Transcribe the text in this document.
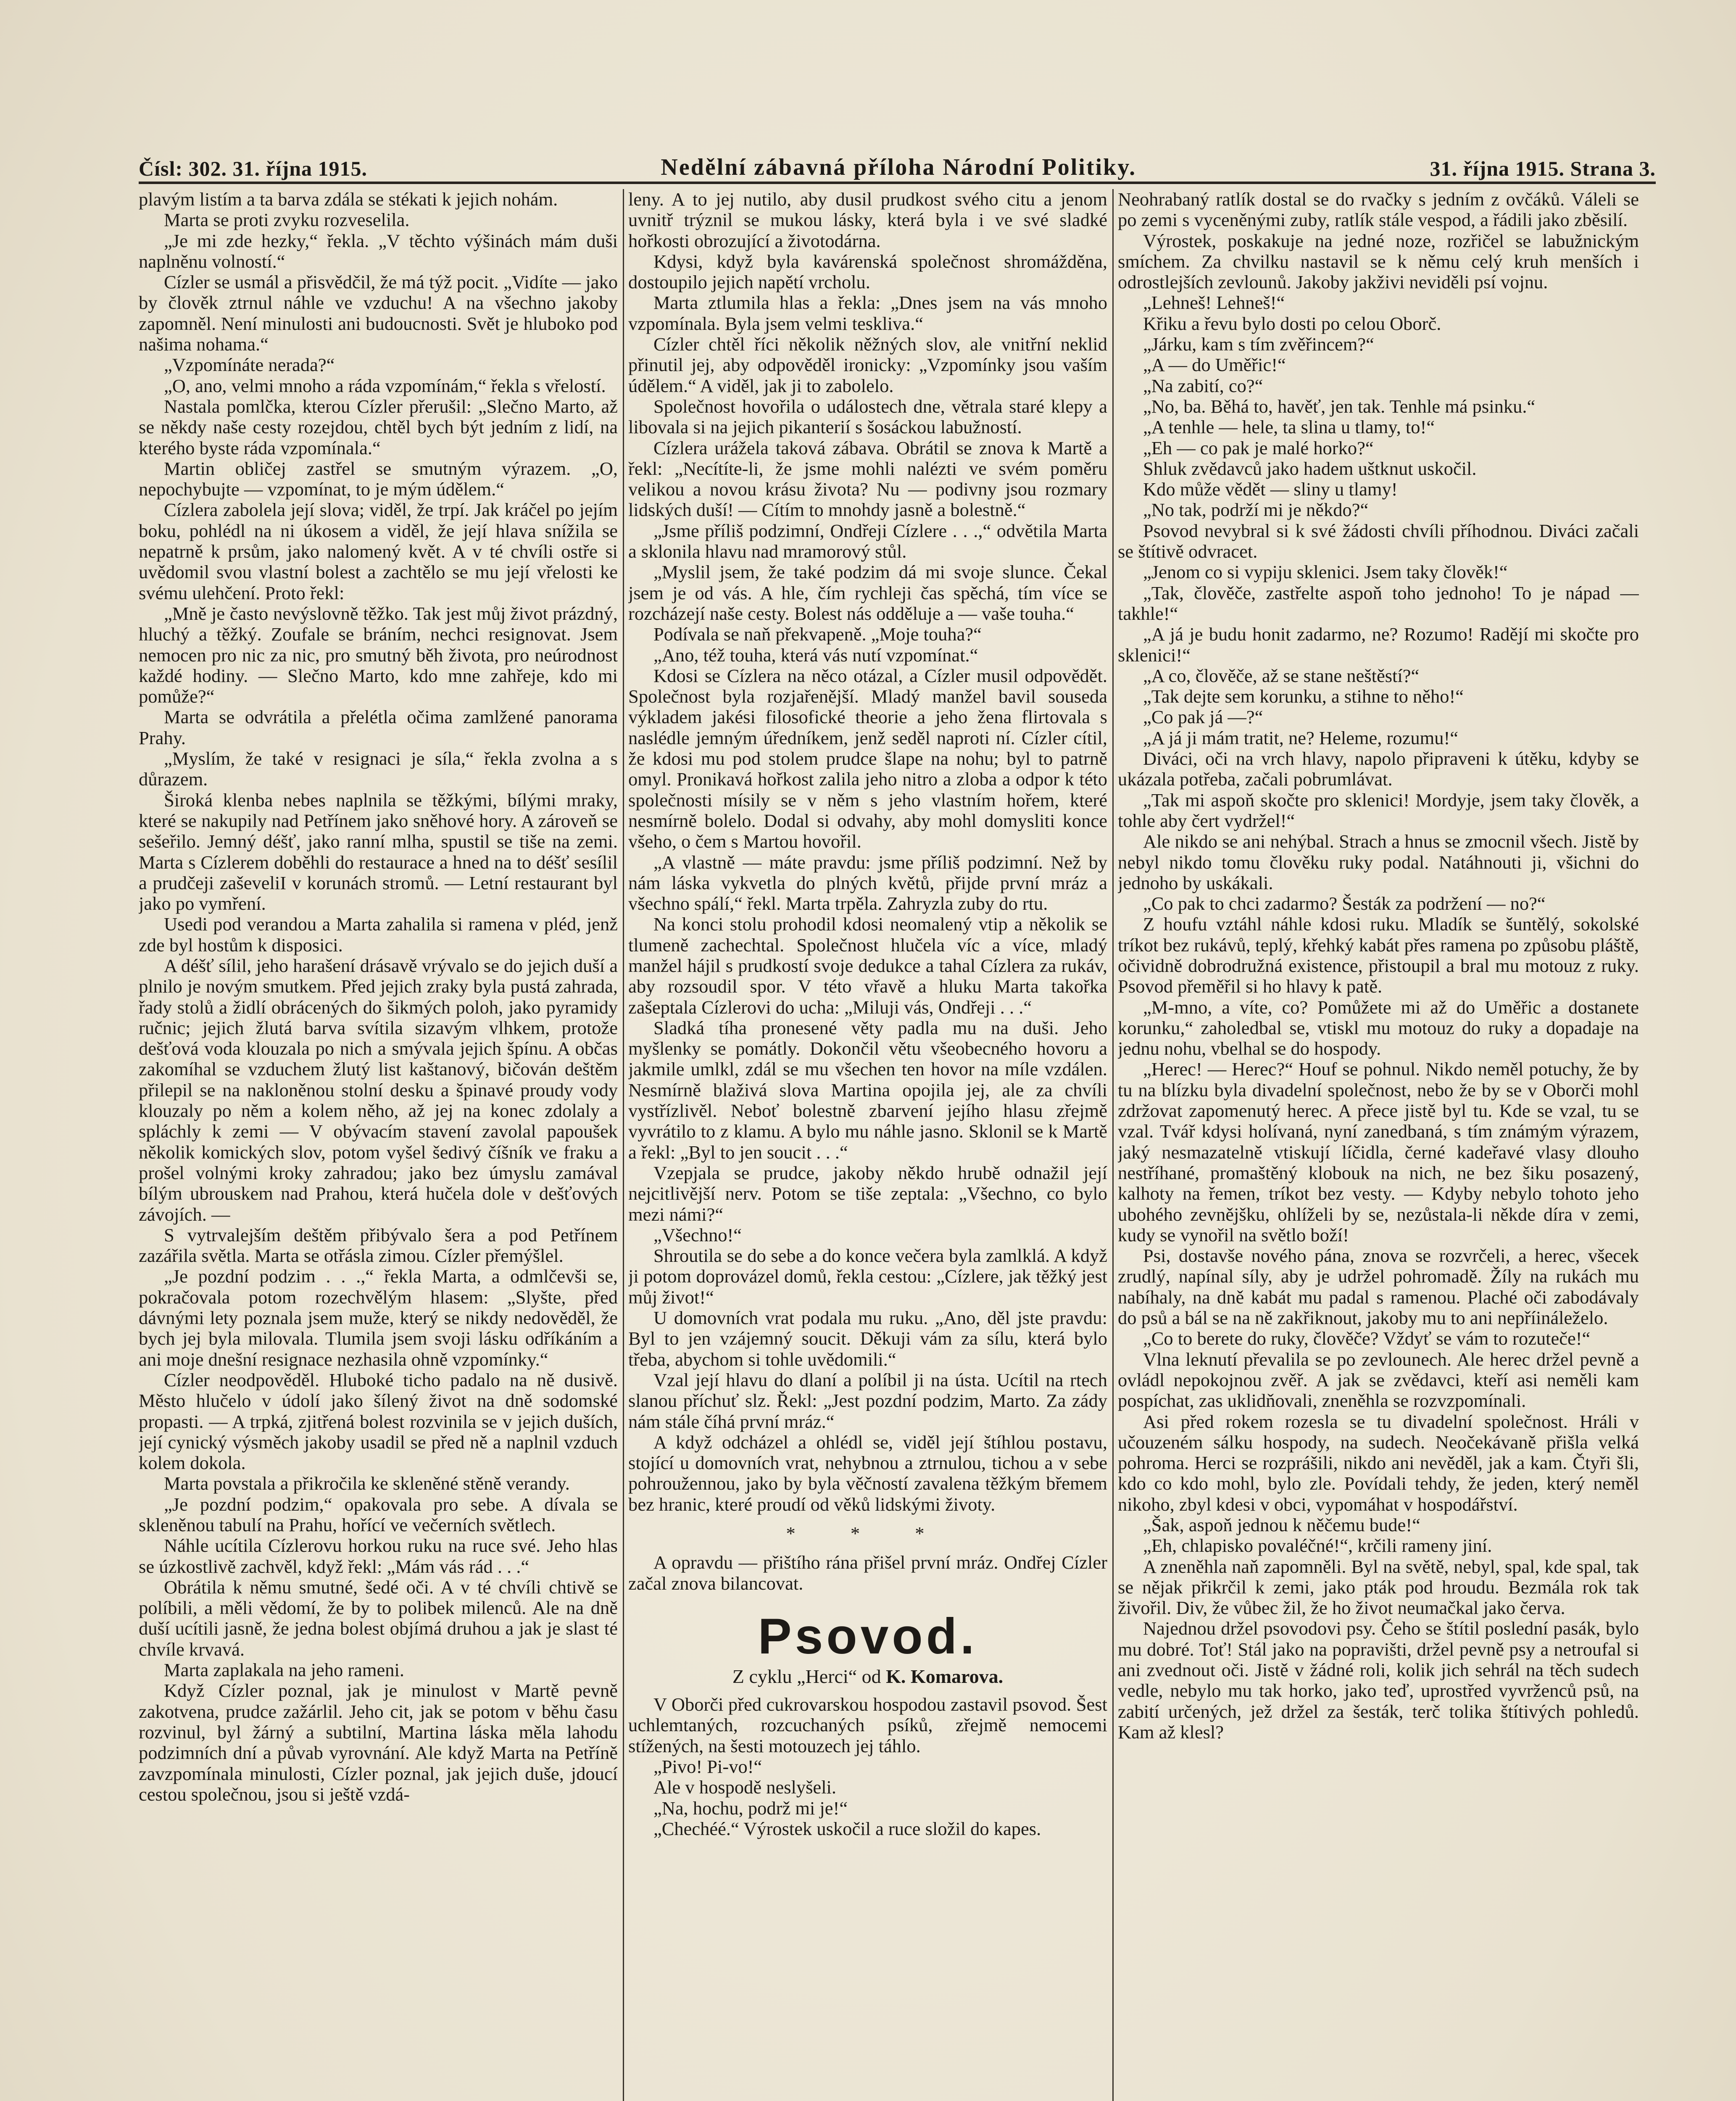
Čísl: 302. 31. října 1915.	Nedělní zábavná příloha Národní Politiky.	31. října 1915. Strana 3.

plavým listím a ta barva zdála se stékati k jejich nohám.

Marta se proti zvyku rozveselila.

„Je mi zde hezky,“ řekla. „V těchto výšinách mám duši naplněnu volností.“

Cízler se usmál a přisvědčil, že má týž pocit. „Vidíte — jako by člověk ztrnul náhle ve vzduchu! A na všechno jakoby zapomněl. Není minulosti ani budoucnosti. Svět je hluboko pod našima nohama.“

„Vzpomínáte nerada?“

„O, ano, velmi mnoho a ráda vzpomínám,“ řekla s vřelostí.

Nastala pomlčka, kterou Cízler přerušil: „Slečno Marto, až se někdy naše cesty rozejdou, chtěl bych být jedním z lidí, na kterého byste ráda vzpomínala.“

Martin obličej zastřel se smutným výrazem. „O, nepochybujte — vzpomínat, to je mým údělem.“

Cízlera zabolela její slova; viděl, že trpí. Jak kráčel po jejím boku, pohlédl na ni úkosem a viděl, že její hlava snížila se nepatrně k prsům, jako nalomený květ. A v té chvíli ostře si uvědomil svou vlastní bolest a zachtělo se mu její vřelosti ke svému ulehčení. Proto řekl:

„Mně je často nevýslovně těžko. Tak jest můj život prázdný, hluchý a těžký. Zoufale se bráním, nechci resignovat. Jsem nemocen pro nic za nic, pro smutný běh života, pro neúrodnost každé hodiny. — Slečno Marto, kdo mne zahřeje, kdo mi pomůže?“

Marta se odvrátila a přelétla očima zamlžené panorama Prahy.

„Myslím, že také v resignaci je síla,“ řekla zvolna a s důrazem.

Široká klenba nebes naplnila se těžkými, bílými mraky, které se nakupily nad Petřínem jako sněhové hory. A zároveň se sešeřilo. Jemný déšť, jako ranní mlha, spustil se tiše na zemi. Marta s Cízlerem doběhli do restaurace a hned na to déšť sesílil a prudčeji zaševeliI v korunách stromů. — Letní restaurant byl jako po vymření.

Usedi pod verandou a Marta zahalila si ramena v pléd, jenž zde byl hostům k disposici.

A déšť sílil, jeho harašení drásavě vrývalo se do jejich duší a plnilo je novým smutkem. Před jejich zraky byla pustá zahrada, řady stolů a židlí obrácených do šikmých poloh, jako pyramidy ručnic; jejich žlutá barva svítila sizavým vlhkem, protože dešťová voda klouzala po nich a smývala jejich špínu. A občas zakomíhal se vzduchem žlutý list kaštanový, bičován deštěm přilepil se na nakloněnou stolní desku a špinavé proudy vody klouzaly po něm a kolem něho, až jej na konec zdolaly a spláchly k zemi — V obývacím stavení zavolal papoušek několik komických slov, potom vyšel šedivý číšník ve fraku a prošel volnými kroky zahradou; jako bez úmyslu zamával bílým ubrouskem nad Prahou, která hučela dole v dešťových závojích. —

S vytrvalejším deštěm přibývalo šera a pod Petřínem zazářila světla. Marta se otřásla zimou. Cízler přemýšlel.

„Je pozdní podzim . . .,“ řekla Marta, a odmlčevši se, pokračovala potom rozechvělým hlasem: „Slyšte, před dávnými lety poznala jsem muže, který se nikdy nedověděl, že bych jej byla milovala. Tlumila jsem svoji lásku odříkáním a ani moje dnešní resignace nezhasila ohně vzpomínky.“

Cízler neodpověděl. Hluboké ticho padalo na ně dusivě. Město hlučelo v údolí jako šílený život na dně sodomské propasti. — A trpká, zjitřená bolest rozvinila se v jejich duších, její cynický výsměch jakoby usadil se před ně a naplnil vzduch kolem dokola.

Marta povstala a přikročila ke skleněné stěně verandy.

„Je pozdní podzim,“ opakovala pro sebe. A dívala se skleněnou tabulí na Prahu, hořící ve večerních světlech.

Náhle ucítila Cízlerovu horkou ruku na ruce své. Jeho hlas se úzkostlivě zachvěl, když řekl: „Mám vás rád . . .“

Obrátila k němu smutné, šedé oči. A v té chvíli chtivě se políbili, a měli vědomí, že by to polibek milenců. Ale na dně duší ucítili jasně, že jedna bolest objímá druhou a jak je slast té chvíle krvavá.

Marta zaplakala na jeho rameni.

Když Cízler poznal, jak je minulost v Martě pevně zakotvena, prudce zažárlil. Jeho cit, jak se potom v běhu času rozvinul, byl žárný a subtilní, Martina láska měla lahodu podzimních dní a půvab vyrovnání. Ale když Marta na Petříně zavzpomínala minulosti, Cízler poznal, jak jejich duše, jdoucí cestou společnou, jsou si ještě vzdá-

leny. A to jej nutilo, aby dusil prudkost svého citu a jenom uvnitř trýznil se mukou lásky, která byla i ve své sladké hořkosti obrozující a životodárna.

Kdysi, když byla kavárenská společnost shromážděna, dostoupilo jejich napětí vrcholu.

Marta ztlumila hlas a řekla: „Dnes jsem na vás mnoho vzpomínala. Byla jsem velmi teskliva.“

Cízler chtěl říci několik něžných slov, ale vnitřní neklid přinutil jej, aby odpověděl ironicky: „Vzpomínky jsou vaším údělem.“ A viděl, jak ji to zabolelo.

Společnost hovořila o událostech dne, větrala staré klepy a libovala si na jejich pikanterií s šosáckou labužností.

Cízlera urážela taková zábava. Obrátil se znova k Martě a řekl: „Necítíte-li, že jsme mohli nalézti ve svém poměru velikou a novou krásu života? Nu — podivny jsou rozmary lidských duší! — Cítím to mnohdy jasně a bolestně.“

„Jsme příliš podzimní, Ondřeji Cízlere . . .,“ odvětila Marta a sklonila hlavu nad mramorový stůl.

„Myslil jsem, že také podzim dá mi svoje slunce. Čekal jsem je od vás. A hle, čím rychleji čas spěchá, tím více se rozcházejí naše cesty. Bolest nás odděluje a — vaše touha.“

Podívala se naň překvapeně. „Moje touha?“

„Ano, též touha, která vás nutí vzpomínat.“

Kdosi se Cízlera na něco otázal, a Cízler musil odpovědět. Společnost byla rozjařenější. Mladý manžel bavil souseda výkladem jakési filosofické theorie a jeho žena flirtovala s naslédle jemným úředníkem, jenž seděl naproti ní. Cízler cítil, že kdosi mu pod stolem prudce šlape na nohu; byl to patrně omyl. Pronikavá hořkost zalila jeho nitro a zloba a odpor k této společnosti mísily se v něm s jeho vlastním hořem, které nesmírně bolelo. Dodal si odvahy, aby mohl domysliti konce všeho, o čem s Martou hovořil.

„A vlastně — máte pravdu: jsme příliš podzimní. Než by nám láska vykvetla do plných květů, přijde první mráz a všechno spálí,“ řekl. Marta trpěla. Zahryzla zuby do rtu.

Na konci stolu prohodil kdosi neomalený vtip a několik se tlumeně zachechtal. Společnost hlučela víc a více, mladý manžel hájil s prudkostí svoje dedukce a tahal Cízlera za rukáv, aby rozsoudil spor. V této vřavě a hluku Marta takořka zašeptala Cízlerovi do ucha: „Miluji vás, Ondřeji . . .“

Sladká tíha pronesené věty padla mu na duši. Jeho myšlenky se pomátly. Dokončil větu všeobecného hovoru a jakmile umlkl, zdál se mu všechen ten hovor na míle vzdálen. Nesmírně blaživá slova Martina opojila jej, ale za chvíli vystřízlivěl. Neboť bolestně zbarvení jejího hlasu zřejmě vyvrátilo to z klamu. A bylo mu náhle jasno. Sklonil se k Martě a řekl: „Byl to jen soucit . . .“

Vzepjala se prudce, jakoby někdo hrubě odnažil její nejcitlivější nerv. Potom se tiše zeptala: „Všechno, co bylo mezi námi?“

„Všechno!“

Shroutila se do sebe a do konce večera byla zamlklá. A když ji potom doprovázel domů, řekla cestou: „Cízlere, jak těžký jest můj život!“

U domovních vrat podala mu ruku. „Ano, děl jste pravdu: Byl to jen vzájemný soucit. Děkuji vám za sílu, která bylo třeba, abychom si tohle uvědomili.“

Vzal její hlavu do dlaní a políbil ji na ústa. Ucítil na rtech slanou příchuť slz. Řekl: „Jest pozdní podzim, Marto. Za zády nám stále číhá první mráz.“

A když odcházel a ohlédl se, viděl její štíhlou postavu, stojící u domovních vrat, nehybnou a ztrnulou, tichou a v sebe pohroužennou, jako by byla věčností zavalena těžkým břemem bez hranic, které proudí od věků lidskými životy.

* * *

A opravdu — přištího rána přišel první mráz. Ondřej Cízler začal znova bilancovat.

Psovod.
Z cyklu „Herci“ od K. Komarova.

V Oborči před cukrovarskou hospodou zastavil psovod. Šest uchlemtaných, rozcuchaných psíků, zřejmě nemocemi stížených, na šesti motouzech jej táhlo.

„Pivo! Pi-vo!“

Ale v hospodě neslyšeli.

„Na, hochu, podrž mi je!“

„Chechéé.“ Výrostek uskočil a ruce složil do kapes.

Neohrabaný ratlík dostal se do rvačky s jedním z ovčáků. Váleli se po zemi s vyceněnými zuby, ratlík stále vespod, a řádili jako zběsilí.

Výrostek, poskakuje na jedné noze, rozřičel se labužnickým smíchem. Za chvilku nastavil se k němu celý kruh menších i odrostlejších zevlounů. Jakoby jakživi neviděli psí vojnu.

„Lehneš! Lehneš!“

Křiku a řevu bylo dosti po celou Oborč.

„Járku, kam s tím zvěřincem?“

„A — do Uměřic!“

„Na zabití, co?“

„No, ba. Běhá to, havěť, jen tak. Tenhle má psinku.“

„A tenhle — hele, ta slina u tlamy, to!“

„Eh — co pak je malé horko?“

Shluk zvědavců jako hadem uštknut uskočil.

Kdo může vědět — sliny u tlamy!

„No tak, podrží mi je někdo?“

Psovod nevybral si k své žádosti chvíli příhodnou. Diváci začali se štítivě odvracet.

„Jenom co si vypiju sklenici. Jsem taky člověk!“

„Tak, člověče, zastřelte aspoň toho jednoho! To je nápad — takhle!“

„A já je budu honit zadarmo, ne? Rozumo! Radějí mi skočte pro sklenici!“

„A co, člověče, až se stane neštěstí?“

„Tak dejte sem korunku, a stihne to něho!“

„Co pak já —?“

„A já ji mám tratit, ne? Heleme, rozumu!“

Diváci, oči na vrch hlavy, napolo připraveni k útěku, kdyby se ukázala potřeba, začali pobrumlávat.

„Tak mi aspoň skočte pro sklenici! Mordyje, jsem taky člověk, a tohle aby čert vydržel!“

Ale nikdo se ani nehýbal. Strach a hnus se zmocnil všech. Jistě by nebyl nikdo tomu člověku ruky podal. Natáhnouti ji, všichni do jednoho by uskákali.

„Co pak to chci zadarmo? Šesták za podržení — no?“

Z houfu vztáhl náhle kdosi ruku. Mladík se šuntělý, sokolské tríkot bez rukávů, teplý, křehký kabát přes ramena po způsobu pláště, očividně dobrodružná existence, přistoupil a bral mu motouz z ruky. Psovod přeměřil si ho hlavy k patě.

„M-mno, a víte, co? Pomůžete mi až do Uměřic a dostanete korunku,“ zaholedbal se, vtiskl mu motouz do ruky a dopadaje na jednu nohu, vbelhal se do hospody.

„Herec! — Herec?“ Houf se pohnul. Nikdo neměl potuchy, že by tu na blízku byla divadelní společnost, nebo že by se v Oborči mohl zdržovat zapomenutý herec. A přece jistě byl tu. Kde se vzal, tu se vzal. Tvář kdysi holívaná, nyní zanedbaná, s tím známým výrazem, jaký nesmazatelně vtiskují líčidla, černé kadeřavé vlasy dlouho nestříhané, promaštěný klobouk na nich, ne bez šiku posazený, kalhoty na řemen, tríkot bez vesty. — Kdyby nebylo tohoto jeho ubohého zevnějšku, ohlíželi by se, nezůstala-li někde díra v zemi, kudy se vynořil na světlo boží!

Psi, dostavše nového pána, znova se rozvrčeli, a herec, všecek zrudlý, napínal síly, aby je udržel pohromadě. Žíly na rukách mu nabíhaly, na dně kabát mu padal s ramenou. Plaché oči zabodávaly do psů a bál se na ně zakřiknout, jakoby mu to ani nepříináleželo.

„Co to berete do ruky, člověče? Vždyť se vám to rozuteče!“

Vlna leknutí převalila se po zevlounech. Ale herec držel pevně a ovládl nepokojnou zvěř. A jak se zvědavci, kteří asi neměli kam pospíchat, zas uklidňovali, zneněhla se rozvzpomínali.

Asi před rokem rozesla se tu divadelní společnost. Hráli v učouzeném sálku hospody, na sudech. Neočekávaně přišla velká pohroma. Herci se rozprášili, nikdo ani nevěděl, jak a kam. Čtyři šli, kdo co kdo mohl, bylo zle. Povídali tehdy, že jeden, který neměl nikoho, zbyl kdesi v obci, vypomáhat v hospodářství.

„Šak, aspoň jednou k něčemu bude!“

„Eh, chlapisko povaléčné!“, krčili rameny jiní.

A zneněhla naň zapomněli. Byl na světě, nebyl, spal, kde spal, tak se nějak přikrčil k zemi, jako pták pod hroudu. Bezmála rok tak živořil. Div, že vůbec žil, že ho život neumačkal jako červa.

Najednou držel psovodovi psy. Čeho se štítil poslední pasák, bylo mu dobré. Toť! Stál jako na popravišti, držel pevně psy a netroufal si ani zvednout oči. Jistě v žádné roli, kolik jich sehrál na těch sudech vedle, nebylo mu tak horko, jako teď, uprostřed vyvrženců psů, na zabití určených, jež držel za šesták, terč tolika štítivých pohledů. Kam až klesl?
